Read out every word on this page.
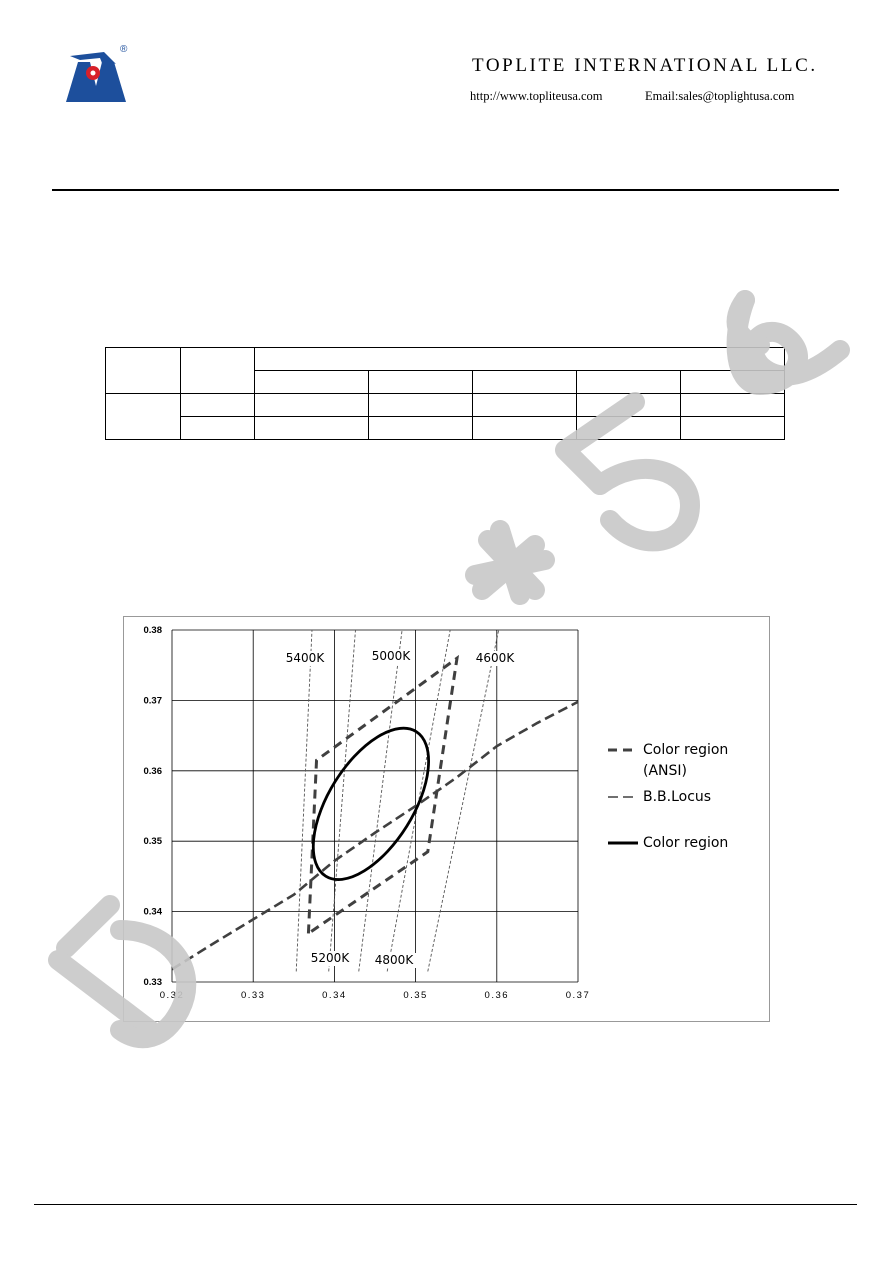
®
TOPLITE INTERNATIONAL LLC.
http://www.topliteusa.com	Email:sales@toplightusa.com

0.32	0.33	0.34	0.35	0.36	0.37
0.33
0.34
0.35
0.36
0.37
0.38
5400K	5000K	4600K
5200K 4800K
Color region (ANSI)
B.B.Locus
Color region
